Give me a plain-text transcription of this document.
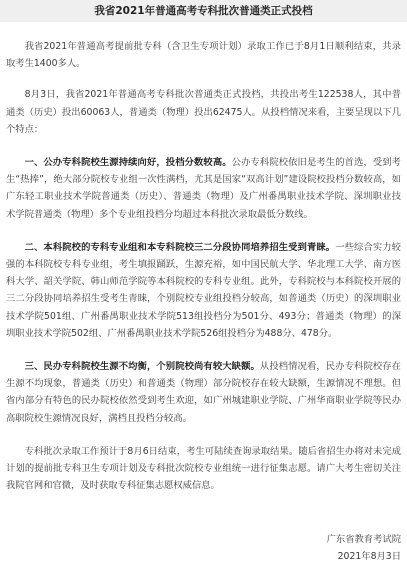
我省2021年普通高考专科批次普通类正式投档

我省2021年普通高考提前批专科（含卫生专项计划）录取工作已于8月1日顺利结束，共录取考生1400多人。

8月3日，我省2021年普通高考专科批次普通类正式投档，共投出考生122538人，其中普通类（历史）投出60063人，普通类（物理）投出62475人。从投档情况来看，主要呈现以下几个特点：

一、公办专科院校生源持续向好，投档分数较高。公办专科院校依旧是考生的首选，受到考生“热捧”，绝大部分院校专业组一次性满档，尤其是国家“双高计划”建设院校投档分数较高，如广东轻工职业技术学院普通类（历史）、普通类（物理）及广州番禺职业技术学院、深圳职业技术学院普通类（物理）多个专业组投档分均超过本科批次录取最低分数线。

二、本科院校的专科专业组和本专科院校三二分段协同培养招生受到青睐。一些综合实力较强的本科院校专科专业组，考生填报踊跃，生源充裕，如中国民航大学、华北理工大学、南方医科大学、韶关学院、韩山师范学院等本科院校的专科专业组。此外，专科院校与本科院校开展的三二分段协同培养招生受考生青睐，个别院校专业组投档分较高，如普通类（历史）的深圳职业技术学院501组、广州番禺职业技术学院513组投档分为501分、493分；普通类（物理）的深圳职业技术学院502组、广州番禺职业技术学院526组投档分为488分、478分。

三、民办专科院校生源不均衡，个别院校尚有较大缺额。从投档情况看，民办专科院校存在生源不均现象，普通类（历史）和普通类（物理）部分院校存在较大缺额，生源情况不理想。但省内部分有特色的民办院校依然受到考生欢迎，如广州城建职业学院、广州华商职业学院等民办高职院校生源情况良好，满档且投档分较高。

专科批次录取工作预计于8月6日结束，考生可陆续查询录取结果。随后省招生办将对未完成计划的提前批专科卫生专项计划及专科批次院校专业组统一进行征集志愿。请广大考生密切关注我院官网和官微，及时获取专科征集志愿权威信息。

广东省教育考试院
2021年8月3日
